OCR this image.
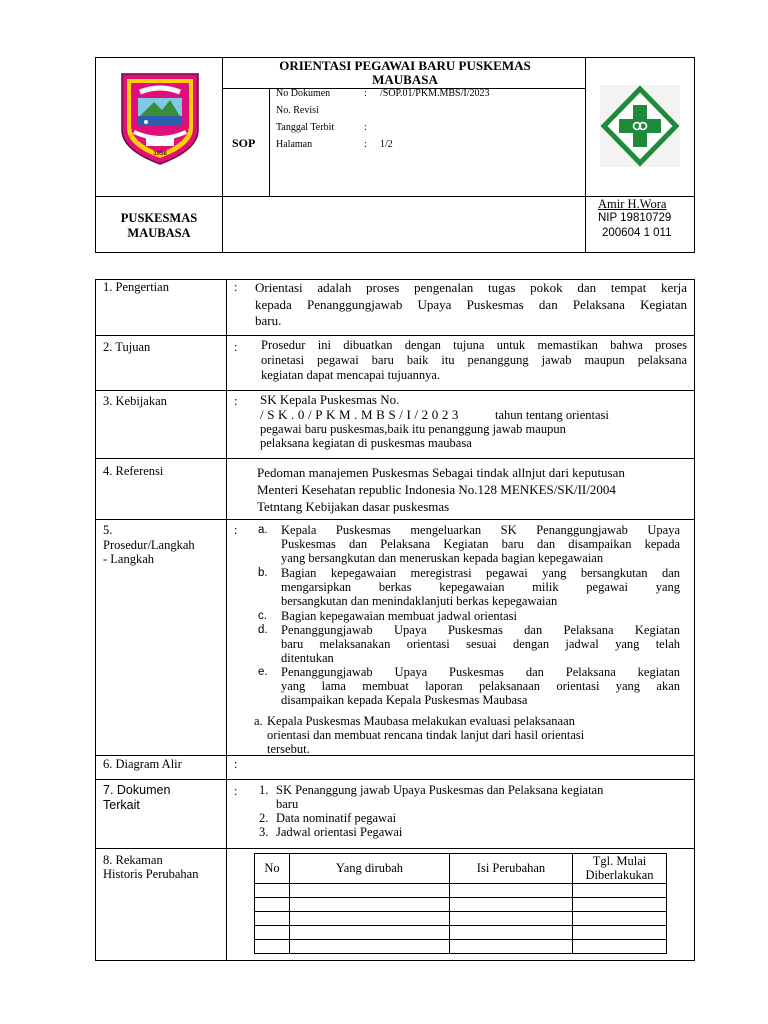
1958
ORIENTASI PEGAWAI BARU PUSKEMAS MAUBASA
SOP
No Dokumen	: /SOP.01/PKM.MBS/I/2023
No. Revisi
Tanggal Terbit	:
Halaman	: 1/2
PUSKESMAS
MAUBASA
Amir H.Wora
NIP 19810729
200604 1 011
1. Pengertian	: Orientasi adalah proses pengenalan tugas pokok dan tempat kerja
kepada Penanggungjawab Upaya Puskesmas dan Pelaksana Kegiatan
baru.
2. Tujuan	: Prosedur ini dibuatkan dengan tujuna untuk memastikan bahwa proses
orinetasi pegawai baru baik itu penanggung jawab maupun pelaksana
kegiatan dapat mencapai tujuannya.
3. Kebijakan	: SK Kepala Puskesmas No.
/SK.0/PKM.MBS/I/2023	tahun tentang orientasi
pegawai baru puskesmas,baik itu penanggung jawab maupun
pelaksana kegiatan di puskesmas maubasa
4. Referensi	Pedoman manajemen Puskesmas Sebagai tindak allnjut dari keputusan
Menteri Kesehatan republic Indonesia No.128 MENKES/SK/II/2004
Tetntang Kebijakan dasar puskesmas
5.
Prosedur/Langkah
- Langkah
: a. Kepala Puskesmas mengeluarkan SK Penanggungjawab Upaya
Puskesmas dan Pelaksana Kegiatan baru dan disampaikan kepada
yang bersangkutan dan meneruskan kepada bagian kepegawaian
b. Bagian kepegawaian meregistrasi pegawai yang bersangkutan dan
mengarsipkan berkas kepegawaian milik pegawai yang
bersangkutan dan menindaklanjuti berkas kepegawaian
c. Bagian kepegawaian membuat jadwal orientasi
d. Penanggungjawab Upaya Puskesmas dan Pelaksana Kegiatan
baru melaksanakan orientasi sesuai dengan jadwal yang telah
ditentukan
e. Penanggungjawab Upaya Puskesmas dan Pelaksana kegiatan
yang lama membuat laporan pelaksanaan orientasi yang akan
disampaikan kepada Kepala Puskesmas Maubasa
a. Kepala Puskesmas Maubasa melakukan evaluasi pelaksanaan
orientasi dan membuat rencana tindak lanjut dari hasil orientasi
tersebut.
6. Diagram Alir	:
7. Dokumen
Terkait
: 1. SK Penanggung jawab Upaya Puskesmas dan Pelaksana kegiatan
baru
2. Data nominatif pegawai
3. Jadwal orientasi Pegawai
8. Rekaman
Historis Perubahan	No	Yang dirubah	Isi Perubahan	Tgl. Mulai
Diberlakukan
